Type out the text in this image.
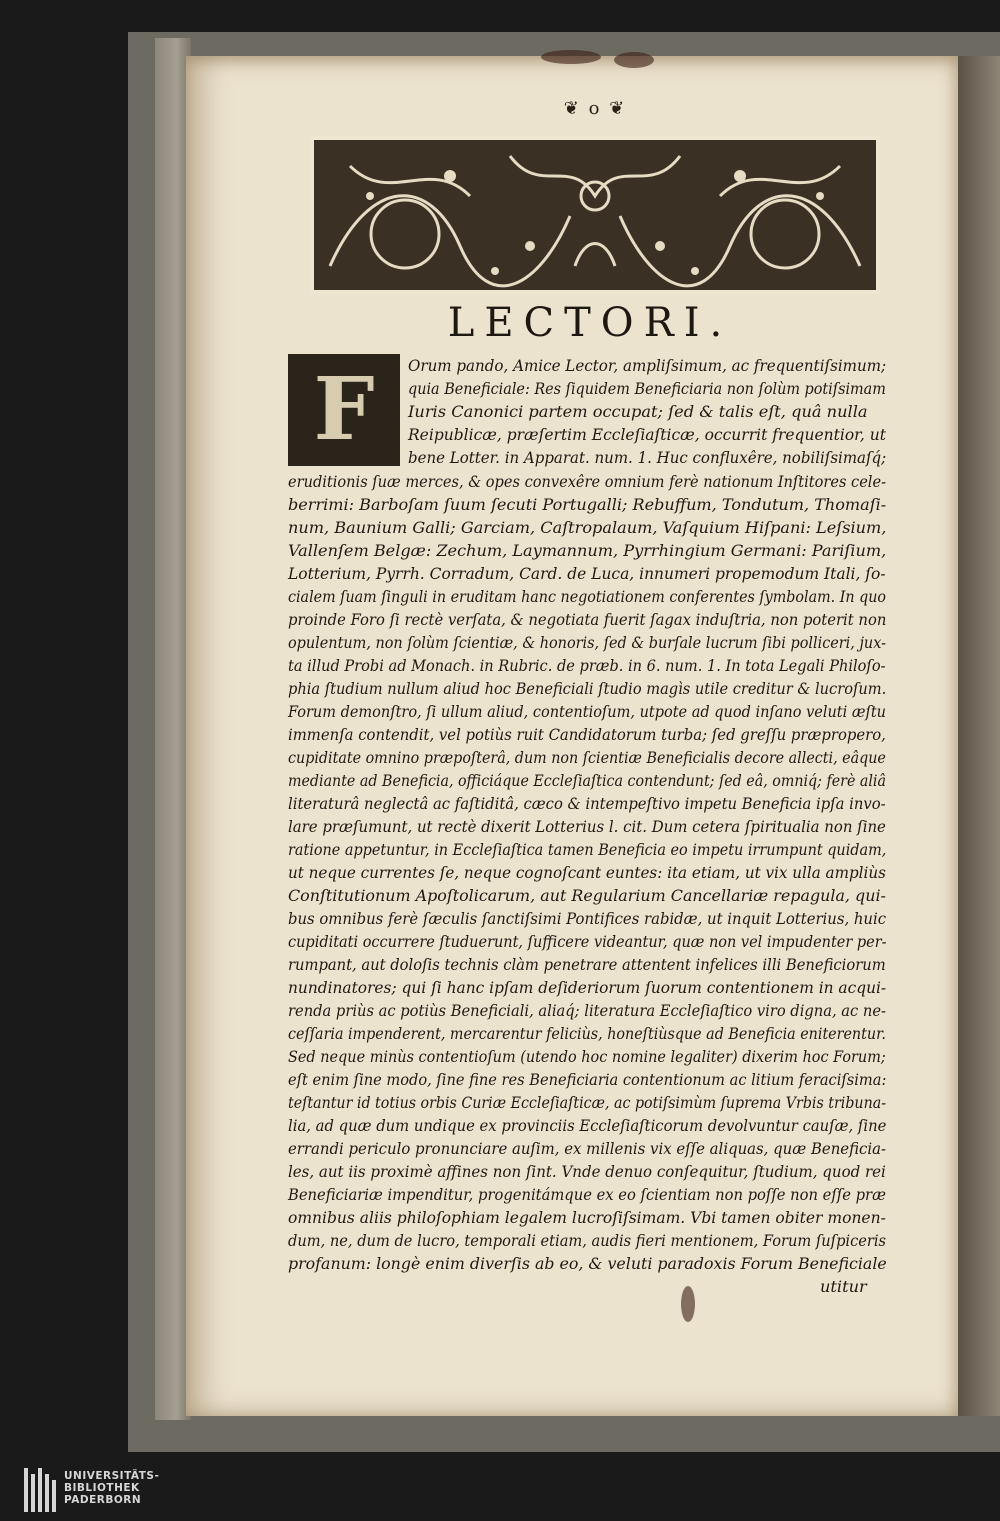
❦ o ❦
LECTORI.
F	Orum pando, Amice Lector, ampliſsimum, ac frequentiſsimum;
quia Beneficiale: Res ſiquidem Beneficiaria non ſolùm potiſsimam
Iuris Canonici partem occupat; ſed & talis eſt, quâ nulla
Reipublicæ, præſertim Eccleſiaſticæ, occurrit frequentior, ut
bene Lotter. in Apparat. num. 1. Huc confluxêre, nobiliſsimaſq́;
eruditionis ſuæ merces, & opes convexêre omnium ferè nationum Inſtitores cele-
berrimi: Barboſam ſuum ſecuti Portugalli; Rebuffum, Tondutum, Thomaſi-
num, Baunium Galli; Garciam, Caſtropalaum, Vaſquium Hiſpani: Leſsium,
Vallenſem Belgæ: Zechum, Laymannum, Pyrrhingium Germani: Pariſium,
Lotterium, Pyrrh. Corradum, Card. de Luca, innumeri propemodum Itali, ſo-
cialem ſuam ſinguli in eruditam hanc negotiationem conferentes ſymbolam. In quo
proinde Foro ſi rectè verſata, & negotiata fuerit ſagax induſtria, non poterit non
opulentum, non ſolùm ſcientiæ, & honoris, ſed & burſale lucrum ſibi polliceri, jux-
ta illud Probi ad Monach. in Rubric. de præb. in 6. num. 1. In tota Legali Philoſo-
phia ſtudium nullum aliud hoc Beneficiali ſtudio magìs utile creditur & lucroſum.
Forum demonſtro, ſi ullum aliud, contentioſum, utpote ad quod inſano veluti æſtu
immenſa contendit, vel potiùs ruit Candidatorum turba; ſed greſſu præpropero,
cupiditate omnino præpoſterâ, dum non ſcientiæ Beneficialis decore allecti, eâque
mediante ad Beneficia, officiáque Eccleſiaſtica contendunt; ſed eâ, omniq́; ferè aliâ
literaturâ neglectâ ac faſtiditâ, cæco & intempeſtivo impetu Beneficia ipſa invo-
lare præſumunt, ut rectè dixerit Lotterius l. cit. Dum cetera ſpiritualia non ſine
ratione appetuntur, in Eccleſiaſtica tamen Beneficia eo impetu irrumpunt quidam,
ut neque currentes ſe, neque cognoſcant euntes: ita etiam, ut vix ulla ampliùs
Conſtitutionum Apoſtolicarum, aut Regularium Cancellariæ repagula, qui-
bus omnibus ferè ſæculis ſanctiſsimi Pontifices rabidæ, ut inquit Lotterius, huic
cupiditati occurrere ſtuduerunt, ſufficere videantur, quæ non vel impudenter per-
rumpant, aut doloſis technis clàm penetrare attentent infelices illi Beneficiorum
nundinatores; qui ſi hanc ipſam deſideriorum ſuorum contentionem in acqui-
renda priùs ac potiùs Beneficiali, aliaq́; literatura Eccleſiaſtico viro digna, ac ne-
ceſſaria impenderent, mercarentur feliciùs, honeſtiùsque ad Beneficia eniterentur.
Sed neque minùs contentioſum (utendo hoc nomine legaliter) dixerim hoc Forum;
eſt enim ſine modo, ſine fine res Beneficiaria contentionum ac litium feraciſsima:
teſtantur id totius orbis Curiæ Eccleſiaſticæ, ac potiſsimùm ſuprema Vrbis tribuna-
lia, ad quæ dum undique ex provinciis Eccleſiaſticorum devolvuntur cauſæ, ſine
errandi periculo pronunciare auſim, ex millenis vix eſſe aliquas, quæ Beneficia-
les, aut iis proximè affines non ſint. Vnde denuo conſequitur, ſtudium, quod rei
Beneficiariæ impenditur, progenitámque ex eo ſcientiam non poſſe non eſſe præ
omnibus aliis philoſophiam legalem lucroſiſsimam. Vbi tamen obiter monen-
dum, ne, dum de lucro, temporali etiam, audis fieri mentionem, Forum ſuſpiceris
profanum: longè enim diverſis ab eo, & veluti paradoxis Forum Beneficiale
utitur
UNIVERSITÄTS-
BIBLIOTHEK
PADERBORN
